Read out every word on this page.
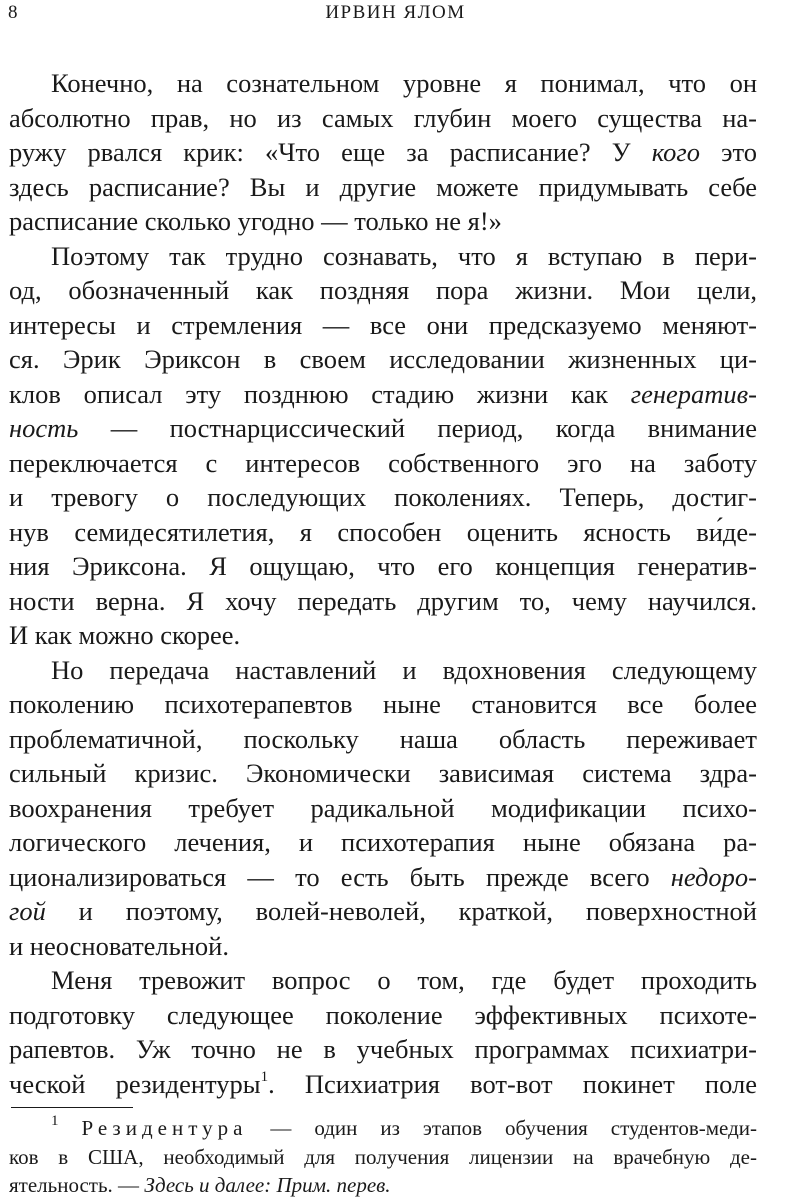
8	ИРВИН ЯЛОМ

Конечно, на сознательном уровне я понимал, что он
абсолютно прав, но из самых глубин моего существа на-
ружу рвался крик: «Что еще за расписание? У кого это
здесь расписание? Вы и другие можете придумывать себе
расписание сколько угодно — только не я!»

Поэтому так трудно сознавать, что я вступаю в пери-
од, обозначенный как поздняя пора жизни. Мои цели,
интересы и стремления — все они предсказуемо меняют-
ся. Эрик Эриксон в своем исследовании жизненных ци-
клов описал эту позднюю стадию жизни как генератив-
ность — постнарциссический период, когда внимание
переключается с интересов собственного эго на заботу
и тревогу о последующих поколениях. Теперь, достиг-
нув семидесятилетия, я способен оценить ясность ви́де-
ния Эриксона. Я ощущаю, что его концепция генератив-
ности верна. Я хочу передать другим то, чему научился.
И как можно скорее.

Но передача наставлений и вдохновения следующему
поколению психотерапевтов ныне становится все более
проблематичной, поскольку наша область переживает
сильный кризис. Экономически зависимая система здра-
воохранения требует радикальной модификации психо-
логического лечения, и психотерапия ныне обязана ра-
ционализироваться — то есть быть прежде всего недоро-
гой и поэтому, волей-неволей, краткой, поверхностной
и неосновательной.

Меня тревожит вопрос о том, где будет проходить
подготовку следующее поколение эффективных психоте-
рапевтов. Уж точно не в учебных программах психиатри-
ческой резидентуры$^1$. Психиатрия вот-вот покинет поле

$^1$ Резидентура — один из этапов обучения студентов-меди-
ков в США, необходимый для получения лицензии на врачебную де-
ятельность. — Здесь и далее: Прим. перев.
